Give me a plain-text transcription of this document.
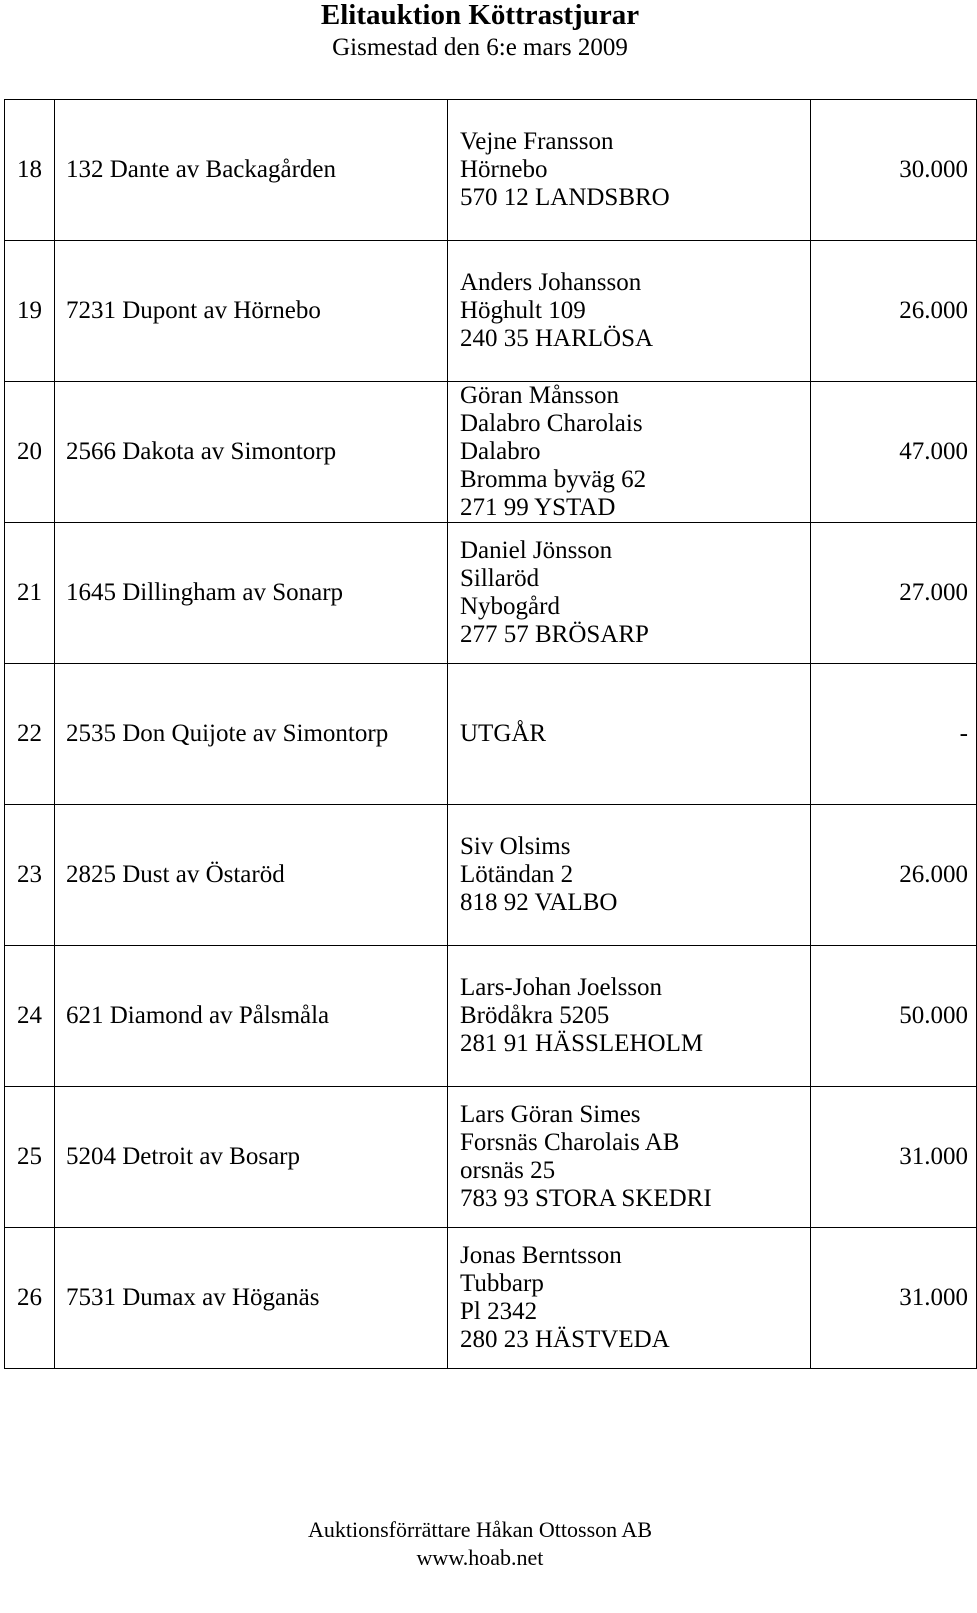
Elitauktion Köttrastjurar
Gismestad den 6:e mars 2009
18	132 Dante av Backagården	Vejne Fransson
Hörnebo
570 12 LANDSBRO	30.000
19	7231 Dupont av Hörnebo	Anders Johansson
Höghult 109
240 35 HARLÖSA	26.000
20	2566 Dakota av Simontorp	Göran Månsson
Dalabro Charolais
Dalabro
Bromma byväg 62
271 99 YSTAD	47.000
21	1645 Dillingham av Sonarp	Daniel Jönsson
Sillaröd
Nybogård
277 57 BRÖSARP	27.000
22	2535 Don Quijote av Simontorp	UTGÅR	-
23	2825 Dust av Östaröd	Siv Olsims
Lötändan 2
818 92 VALBO	26.000
24	621 Diamond av Pålsmåla	Lars-Johan Joelsson
Brödåkra 5205
281 91 HÄSSLEHOLM	50.000
25	5204 Detroit av Bosarp	Lars Göran Simes
Forsnäs Charolais AB
orsnäs 25
783 93 STORA SKEDRI	31.000
26	7531 Dumax av Höganäs	Jonas Berntsson
Tubbarp
Pl 2342
280 23 HÄSTVEDA	31.000
Auktionsförrättare Håkan Ottosson AB
www.hoab.net
